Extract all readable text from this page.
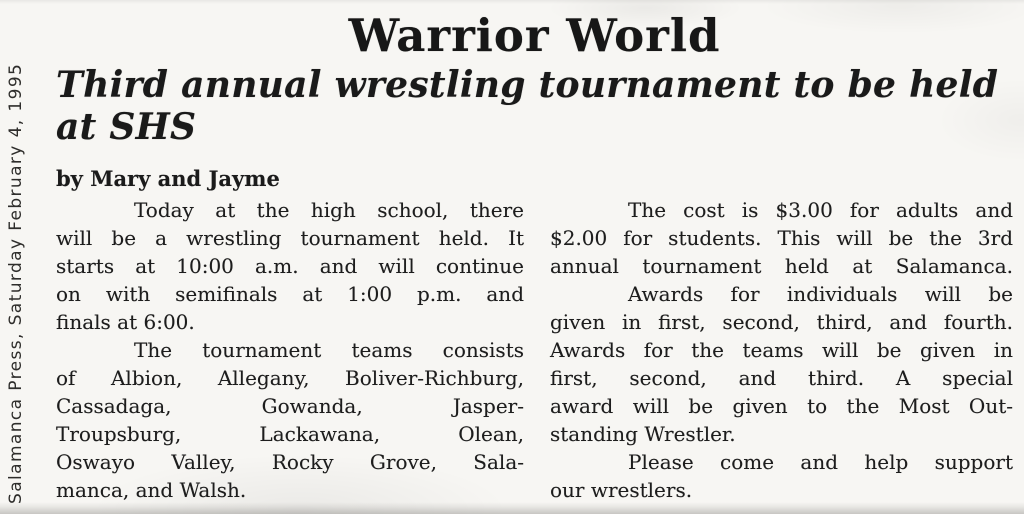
Salamanca Press, Saturday February 4, 1995
Warrior World
Third annual wrestling tournament to be held
at SHS
by Mary and Jayme
Today at the high school, there
will be a wrestling tournament held. It
starts at 10:00 a.m. and will continue
on with semifinals at 1:00 p.m. and
finals at 6:00.
The tournament teams consists
of Albion, Allegany, Boliver-Richburg,
Cassadaga, Gowanda, Jasper-
Troupsburg, Lackawana, Olean,
Oswayo Valley, Rocky Grove, Sala-
manca, and Walsh.
The cost is $3.00 for adults and
$2.00 for students. This will be the 3rd
annual tournament held at Salamanca.
Awards for individuals will be
given in first, second, third, and fourth.
Awards for the teams will be given in
first, second, and third. A special
award will be given to the Most Out-
standing Wrestler.
Please come and help support
our wrestlers.
